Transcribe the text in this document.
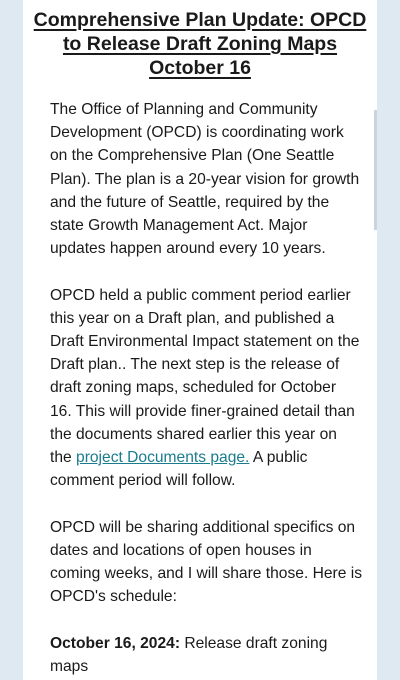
Comprehensive Plan Update: OPCD to Release Draft Zoning Maps October 16

The Office of Planning and Community Development (OPCD) is coordinating work on the Comprehensive Plan (One Seattle Plan). The plan is a 20-year vision for growth and the future of Seattle, required by the state Growth Management Act. Major updates happen around every 10 years.

OPCD held a public comment period earlier this year on a Draft plan, and published a Draft Environmental Impact statement on the Draft plan.. The next step is the release of draft zoning maps, scheduled for October 16. This will provide finer-grained detail than the documents shared earlier this year on the project Documents page. A public comment period will follow.

OPCD will be sharing additional specifics on dates and locations of open houses in coming weeks, and I will share those. Here is OPCD's schedule:

October 16, 2024: Release draft zoning maps
